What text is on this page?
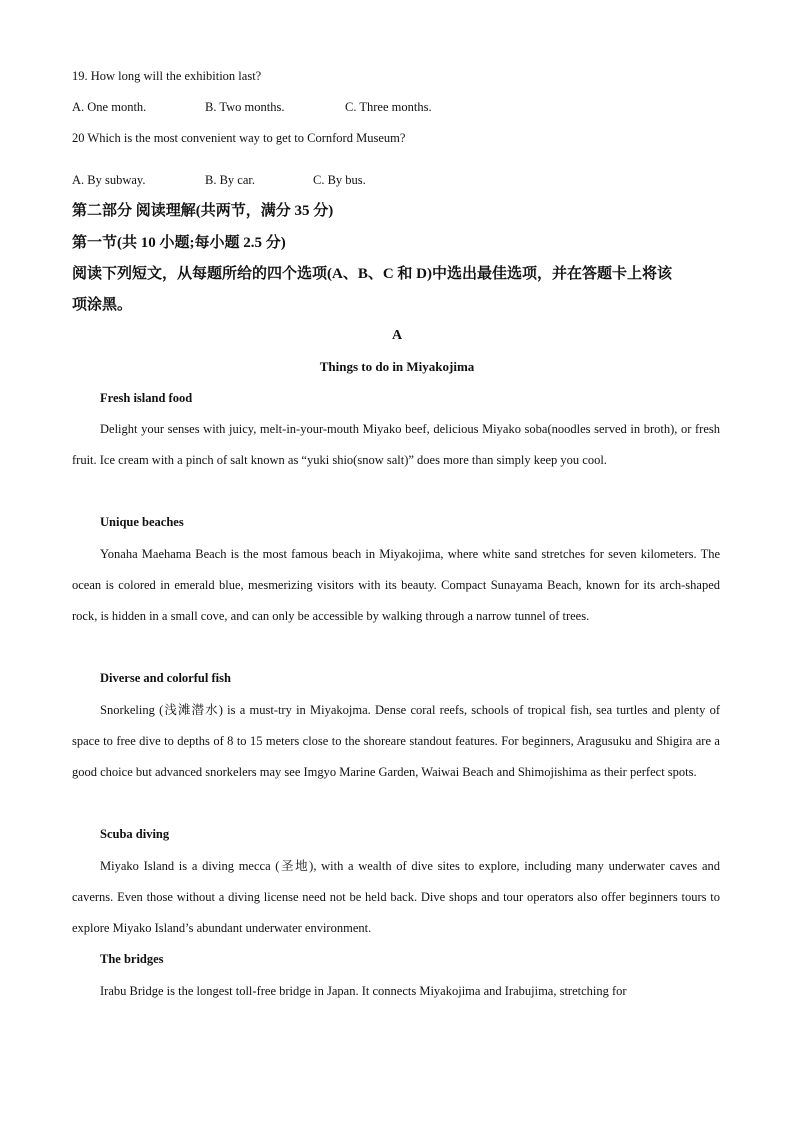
19. How long will the exhibition last?
A. One month.	B. Two months.	C. Three months.
20 Which is the most convenient way to get to Cornford Museum?
A. By subway.	B. By car.	C. By bus.
第二部分 阅读理解(共两节，满分 35 分)
第一节(共 10 小题;每小题 2.5 分)
阅读下列短文，从每题所给的四个选项(A、B、C 和 D)中选出最佳选项，并在答题卡上将该
项涂黑。
A
Things to do in Miyakojima
Fresh island food
Delight your senses with juicy, melt-in-your-mouth Miyako beef, delicious Miyako soba(noodles served in broth), or fresh fruit. Ice cream with a pinch of salt known as “yuki shio(snow salt)” does more than simply keep you cool.
Unique beaches
Yonaha Maehama Beach is the most famous beach in Miyakojima, where white sand stretches for seven kilometers. The ocean is colored in emerald blue, mesmerizing visitors with its beauty. Compact Sunayama Beach, known for its arch-shaped rock, is hidden in a small cove, and can only be accessible by walking through a narrow tunnel of trees.
Diverse and colorful fish
Snorkeling (浅滩潜水) is a must-try in Miyakojma. Dense coral reefs, schools of tropical fish, sea turtles and plenty of space to free dive to depths of 8 to 15 meters close to the shoreare standout features. For beginners, Aragusuku and Shigira are a good choice but advanced snorkelers may see Imgyo Marine Garden, Waiwai Beach and Shimojishima as their perfect spots.
Scuba diving
Miyako Island is a diving mecca (圣地), with a wealth of dive sites to explore, including many underwater caves and caverns. Even those without a diving license need not be held back. Dive shops and tour operators also offer beginners tours to explore Miyako Island’s abundant underwater environment.
The bridges
Irabu Bridge is the longest toll-free bridge in Japan. It connects Miyakojima and Irabujima, stretching for
